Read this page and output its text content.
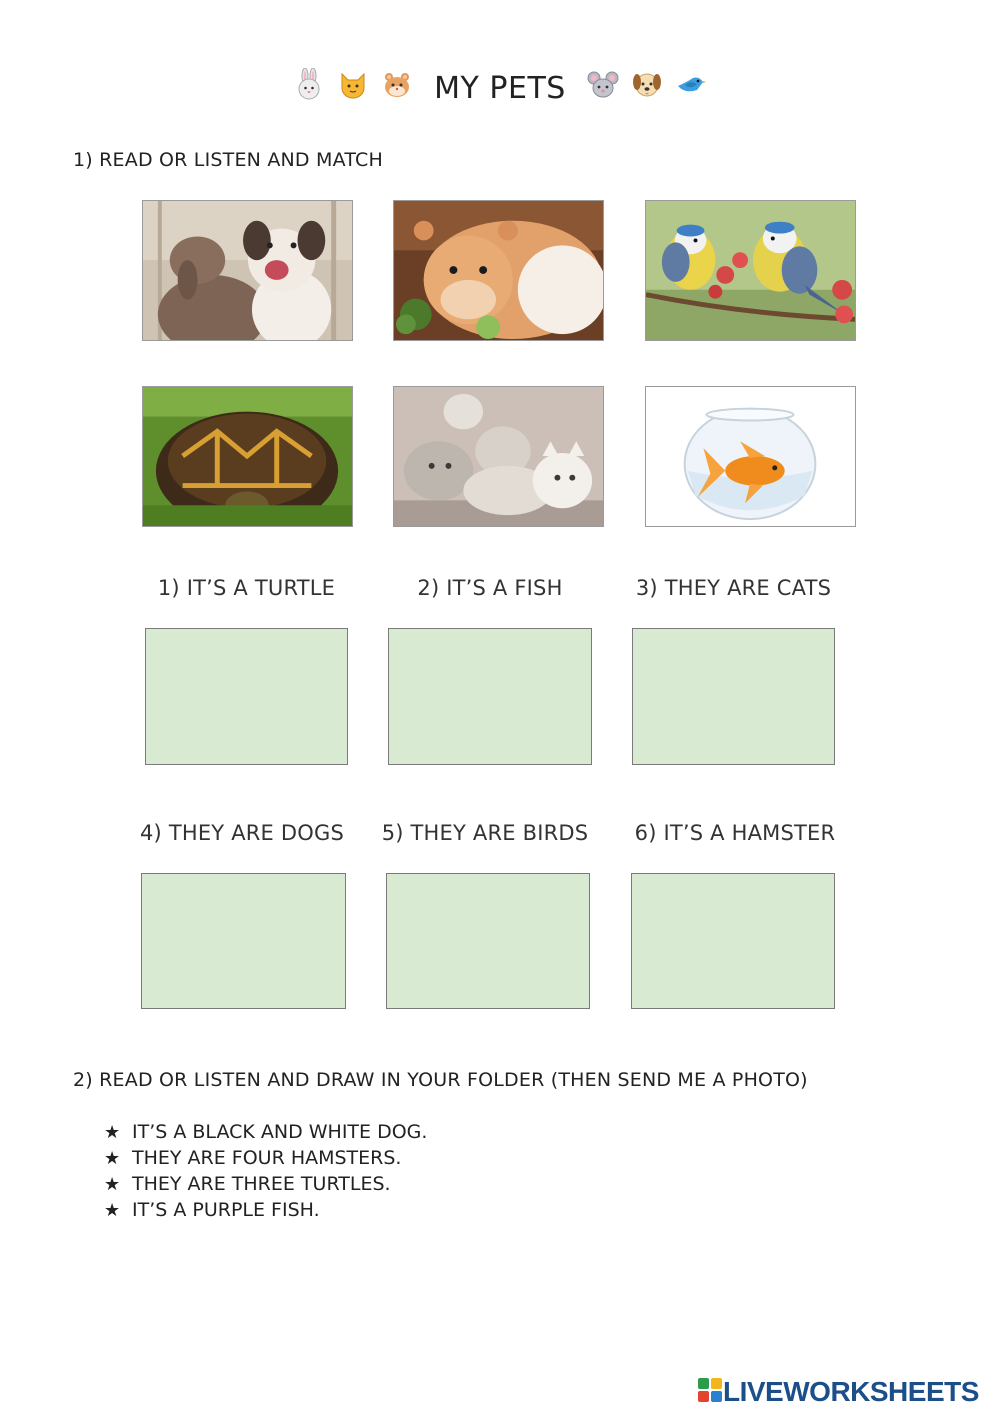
MY PETS
1) READ OR LISTEN AND MATCH
1) IT’S A TURTLE	2) IT’S A FISH	3) THEY ARE CATS
4) THEY ARE DOGS	5) THEY ARE BIRDS	6) IT’S A HAMSTER
2) READ OR LISTEN AND DRAW IN YOUR FOLDER (THEN SEND ME A PHOTO)
★ IT’S A BLACK AND WHITE DOG.
★ THEY ARE FOUR HAMSTERS.
★ THEY ARE THREE TURTLES.
★ IT’S A PURPLE FISH.
LIVEWORKSHEETS
